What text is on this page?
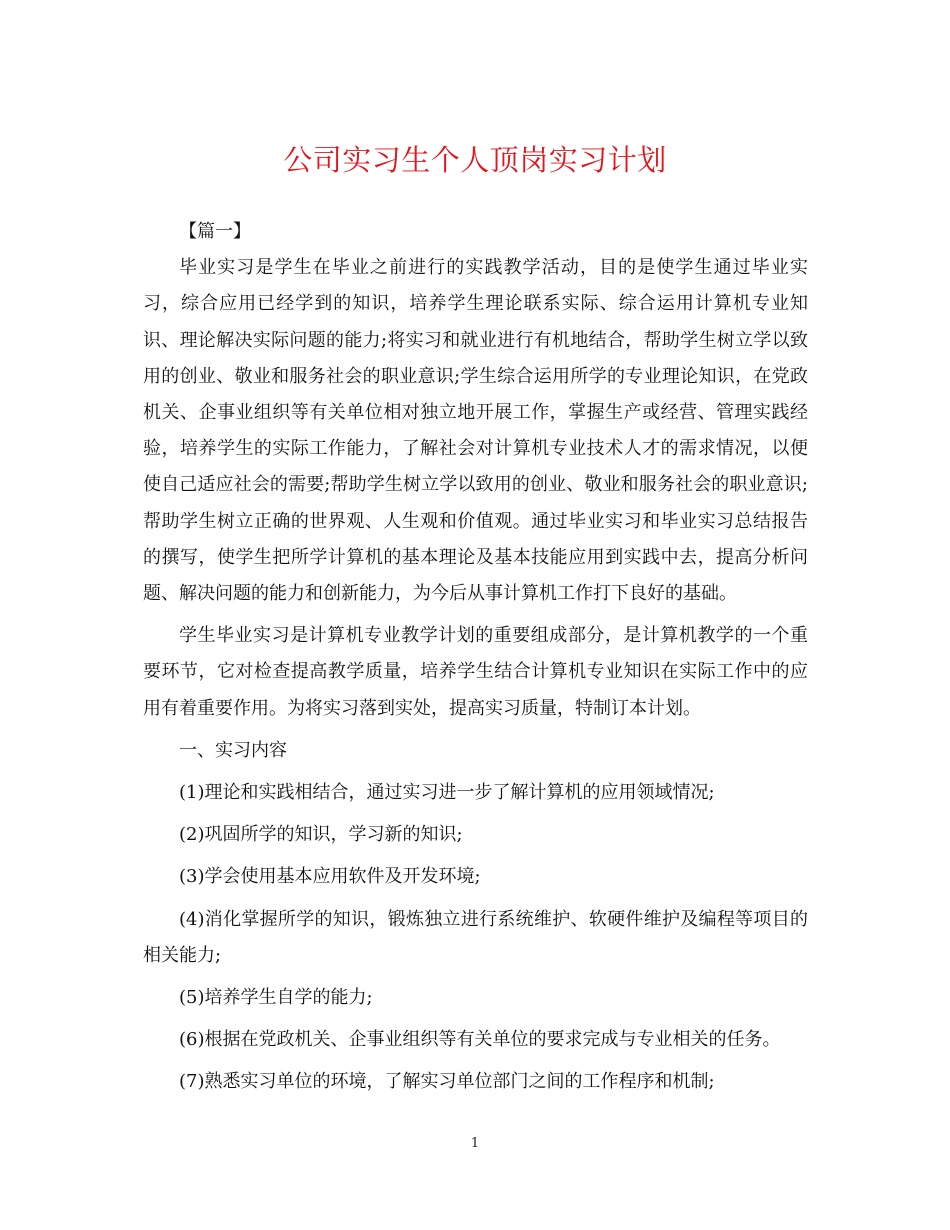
公司实习生个人顶岗实习计划

【篇一】

毕业实习是学生在毕业之前进行的实践教学活动，目的是使学生通过毕业实习，综合应用已经学到的知识，培养学生理论联系实际、综合运用计算机专业知识、理论解决实际问题的能力;将实习和就业进行有机地结合，帮助学生树立学以致用的创业、敬业和服务社会的职业意识;学生综合运用所学的专业理论知识，在党政机关、企事业组织等有关单位相对独立地开展工作，掌握生产或经营、管理实践经验，培养学生的实际工作能力，了解社会对计算机专业技术人才的需求情况，以便使自己适应社会的需要;帮助学生树立学以致用的创业、敬业和服务社会的职业意识;帮助学生树立正确的世界观、人生观和价值观。通过毕业实习和毕业实习总结报告的撰写，使学生把所学计算机的基本理论及基本技能应用到实践中去，提高分析问题、解决问题的能力和创新能力，为今后从事计算机工作打下良好的基础。

学生毕业实习是计算机专业教学计划的重要组成部分，是计算机教学的一个重要环节，它对检查提高教学质量，培养学生结合计算机专业知识在实际工作中的应用有着重要作用。为将实习落到实处，提高实习质量，特制订本计划。

一、实习内容

(1)理论和实践相结合，通过实习进一步了解计算机的应用领域情况;

(2)巩固所学的知识，学习新的知识;

(3)学会使用基本应用软件及开发环境;

(4)消化掌握所学的知识，锻炼独立进行系统维护、软硬件维护及编程等项目的相关能力;

(5)培养学生自学的能力;

(6)根据在党政机关、企事业组织等有关单位的要求完成与专业相关的任务。

(7)熟悉实习单位的环境，了解实习单位部门之间的工作程序和机制;

1
